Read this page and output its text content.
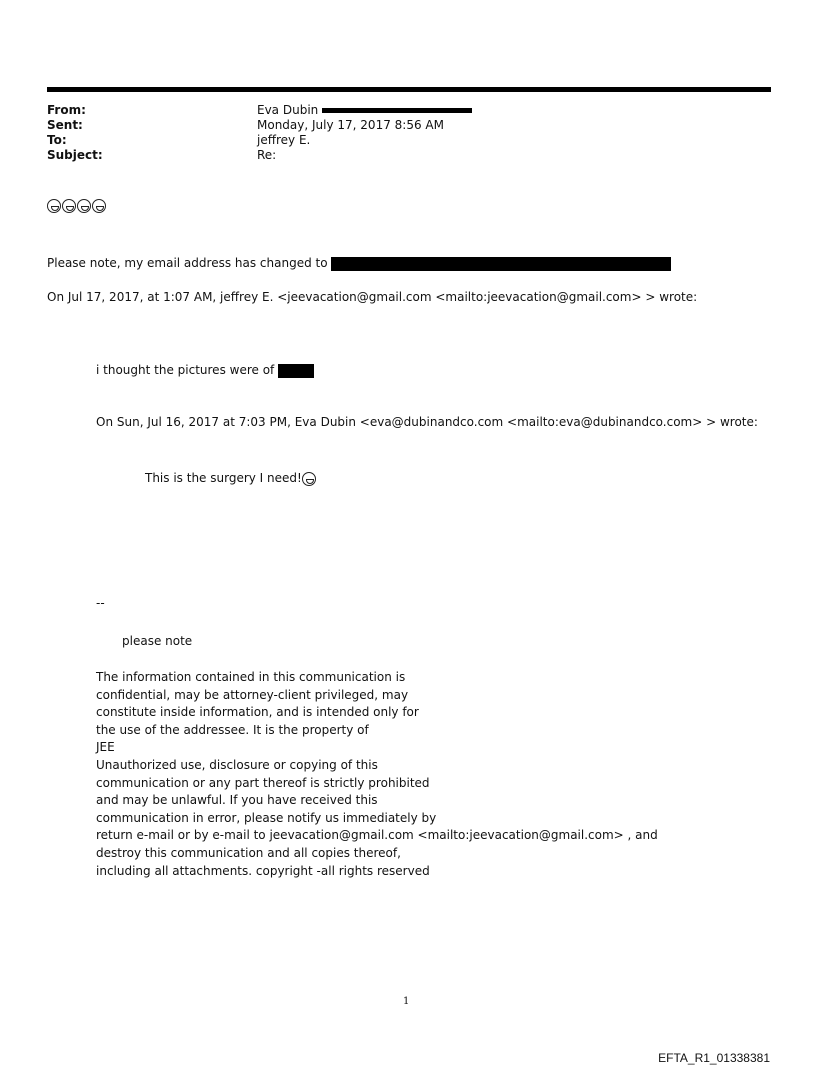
From:	Eva Dubin
Sent:	Monday, July 17, 2017 8:56 AM
To:	jeffrey E.
Subject:	Re:
Please note, my email address has changed to
On Jul 17, 2017, at 1:07 AM, jeffrey E. <jeevacation@gmail.com <mailto:jeevacation@gmail.com> > wrote:
i thought the pictures were of
On Sun, Jul 16, 2017 at 7:03 PM, Eva Dubin <eva@dubinandco.com <mailto:eva@dubinandco.com> > wrote:
This is the surgery I need!
--
please note
The information contained in this communication is
confidential, may be attorney-client privileged, may
constitute inside information, and is intended only for
the use of the addressee. It is the property of
JEE
Unauthorized use, disclosure or copying of this
communication or any part thereof is strictly prohibited
and may be unlawful. If you have received this
communication in error, please notify us immediately by
return e-mail or by e-mail to jeevacation@gmail.com <mailto:jeevacation@gmail.com> , and
destroy this communication and all copies thereof,
including all attachments. copyright -all rights reserved
1
EFTA_R1_01338381
